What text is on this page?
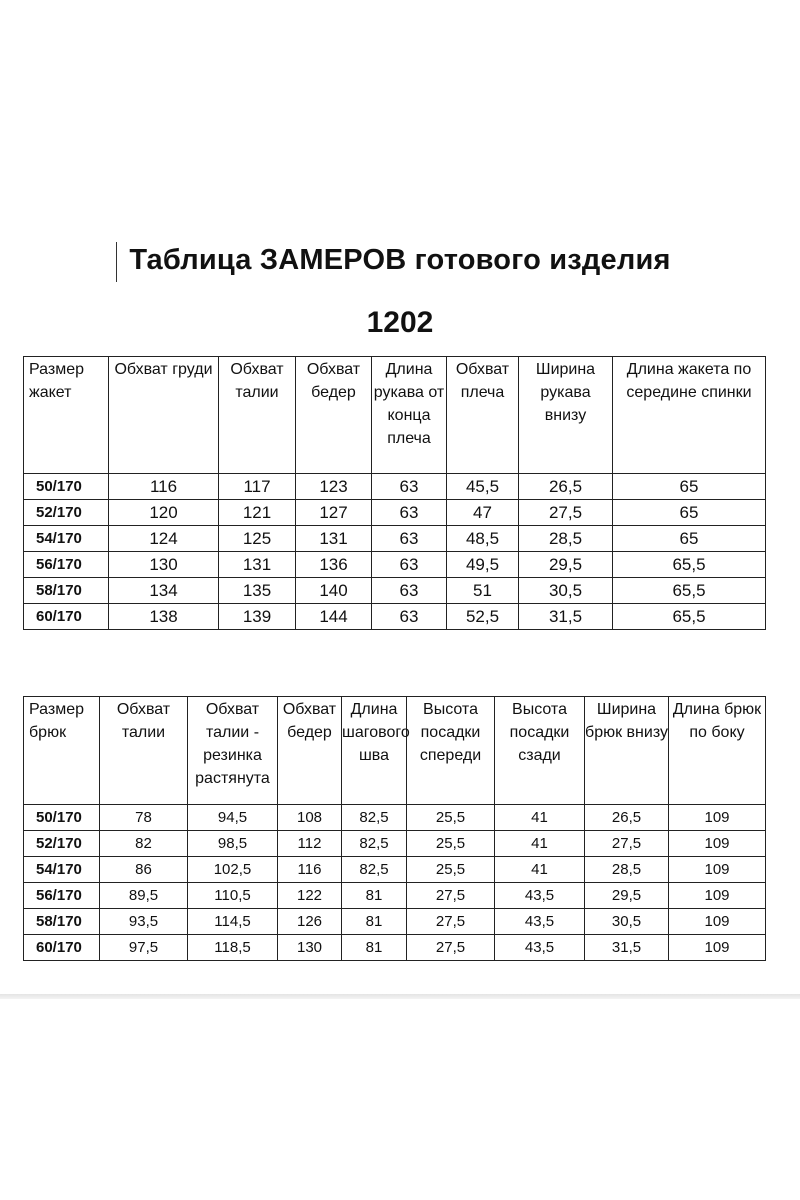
Таблица ЗАМЕРОВ готового изделия
1202
Размер жакет	Обхват груди	Обхват талии	Обхват бедер	Длина рукава от конца плеча	Обхват плеча	Ширина рукава внизу	Длина жакета по середине спинки
50/170	116	117	123	63	45,5	26,5	65
52/170	120	121	127	63	47	27,5	65
54/170	124	125	131	63	48,5	28,5	65
56/170	130	131	136	63	49,5	29,5	65,5
58/170	134	135	140	63	51	30,5	65,5
60/170	138	139	144	63	52,5	31,5	65,5
Размер брюк	Обхват талии	Обхват талии - резинка растянута	Обхват бедер	Длина шагового шва	Высота посадки спереди	Высота посадки сзади	Ширина брюк внизу	Длина брюк по боку
50/170	78	94,5	108	82,5	25,5	41	26,5	109
52/170	82	98,5	112	82,5	25,5	41	27,5	109
54/170	86	102,5	116	82,5	25,5	41	28,5	109
56/170	89,5	110,5	122	81	27,5	43,5	29,5	109
58/170	93,5	114,5	126	81	27,5	43,5	30,5	109
60/170	97,5	118,5	130	81	27,5	43,5	31,5	109
